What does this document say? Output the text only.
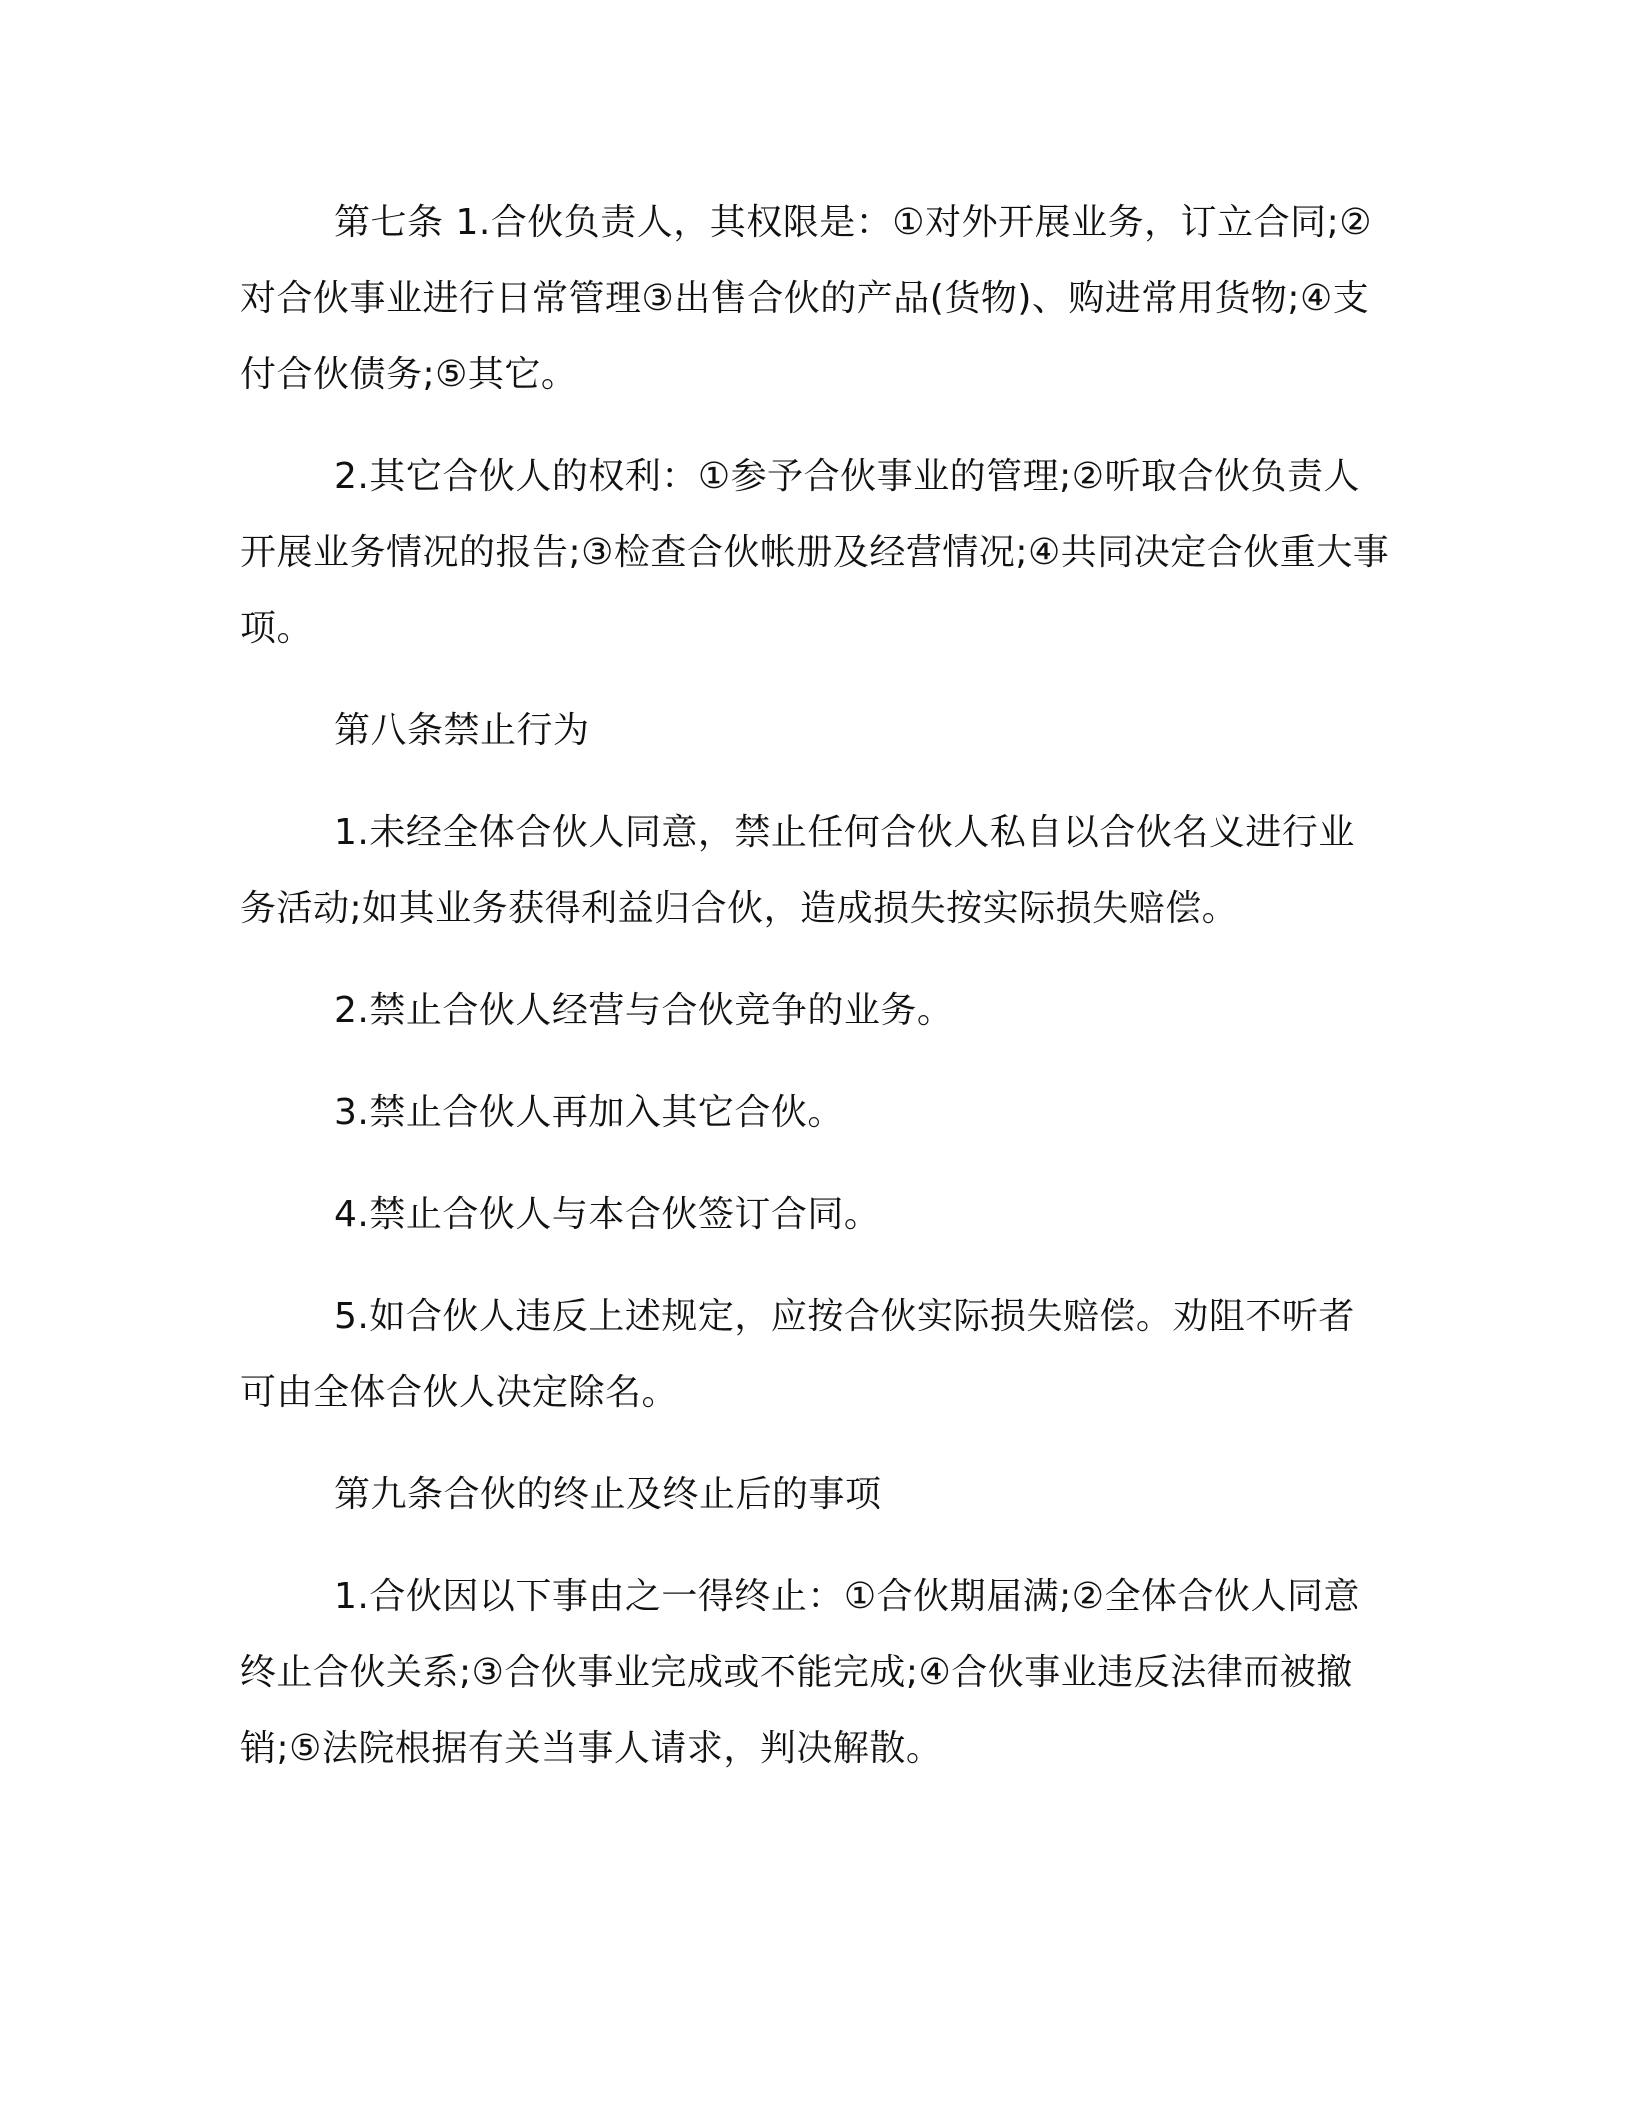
第七条 1.合伙负责人，其权限是：①对外开展业务，订立合同;②对合伙事业进行日常管理③出售合伙的产品(货物)、购进常用货物;④支付合伙债务;⑤其它。

2.其它合伙人的权利：①参予合伙事业的管理;②听取合伙负责人开展业务情况的报告;③检查合伙帐册及经营情况;④共同决定合伙重大事项。

第八条禁止行为

1.未经全体合伙人同意，禁止任何合伙人私自以合伙名义进行业务活动;如其业务获得利益归合伙，造成损失按实际损失赔偿。

2.禁止合伙人经营与合伙竞争的业务。

3.禁止合伙人再加入其它合伙。

4.禁止合伙人与本合伙签订合同。

5.如合伙人违反上述规定，应按合伙实际损失赔偿。劝阻不听者可由全体合伙人决定除名。

第九条合伙的终止及终止后的事项

1.合伙因以下事由之一得终止：①合伙期届满;②全体合伙人同意终止合伙关系;③合伙事业完成或不能完成;④合伙事业违反法律而被撤销;⑤法院根据有关当事人请求，判决解散。
